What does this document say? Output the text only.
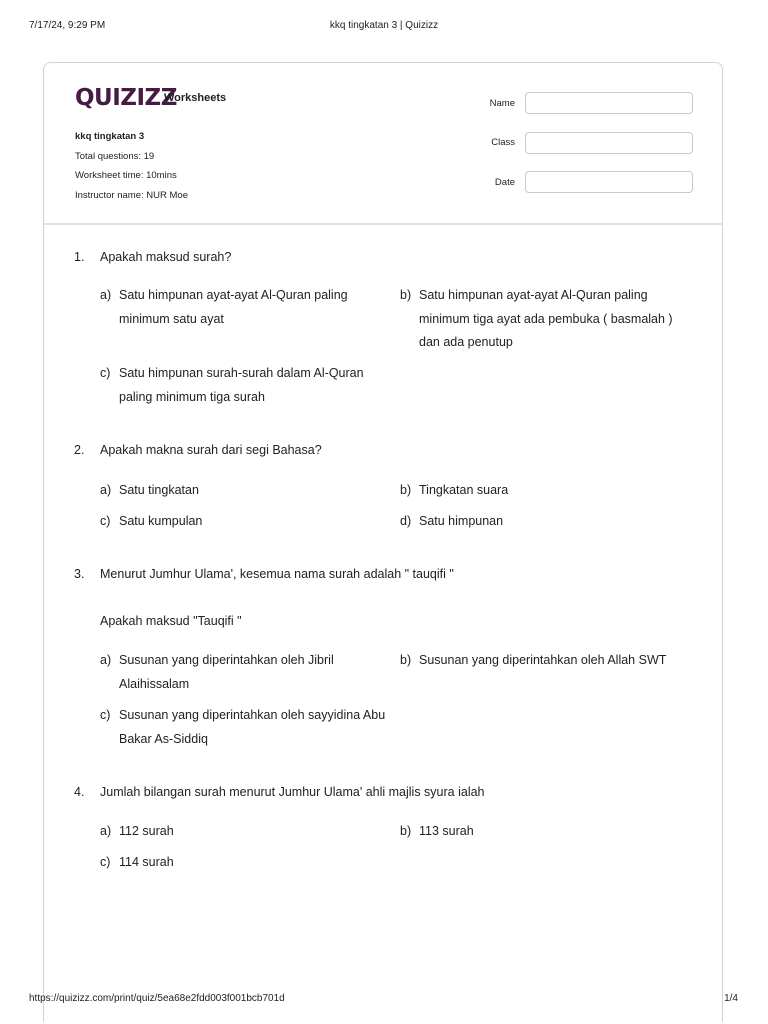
7/17/24, 9:29 PM	kkq tingkatan 3 | Quizizz
QUIZIZZ
Worksheets
kkq tingkatan 3
Total questions: 19
Worksheet time: 10mins
Instructor name: NUR Moe
Name
Class
Date
1.	Apakah maksud surah?
a) Satu himpunan ayat-ayat Al-Quran paling minimum satu ayat
b) Satu himpunan ayat-ayat Al-Quran paling minimum tiga ayat ada pembuka ( basmalah ) dan ada penutup
c) Satu himpunan surah-surah dalam Al-Quran paling minimum tiga surah
2.	Apakah makna surah dari segi Bahasa?
a) Satu tingkatan	b) Tingkatan suara
c) Satu kumpulan	d) Satu himpunan
3.	Menurut Jumhur Ulama', kesemua nama surah adalah " tauqifi "
Apakah maksud "Tauqifi "
a) Susunan yang diperintahkan oleh Jibril Alaihissalam
b) Susunan yang diperintahkan oleh Allah SWT
c) Susunan yang diperintahkan oleh sayyidina Abu Bakar As-Siddiq
4.	Jumlah bilangan surah menurut Jumhur Ulama' ahli majlis syura ialah
a) 112 surah	b) 113 surah
c) 114 surah
https://quizizz.com/print/quiz/5ea68e2fdd003f001bcb701d	1/4
